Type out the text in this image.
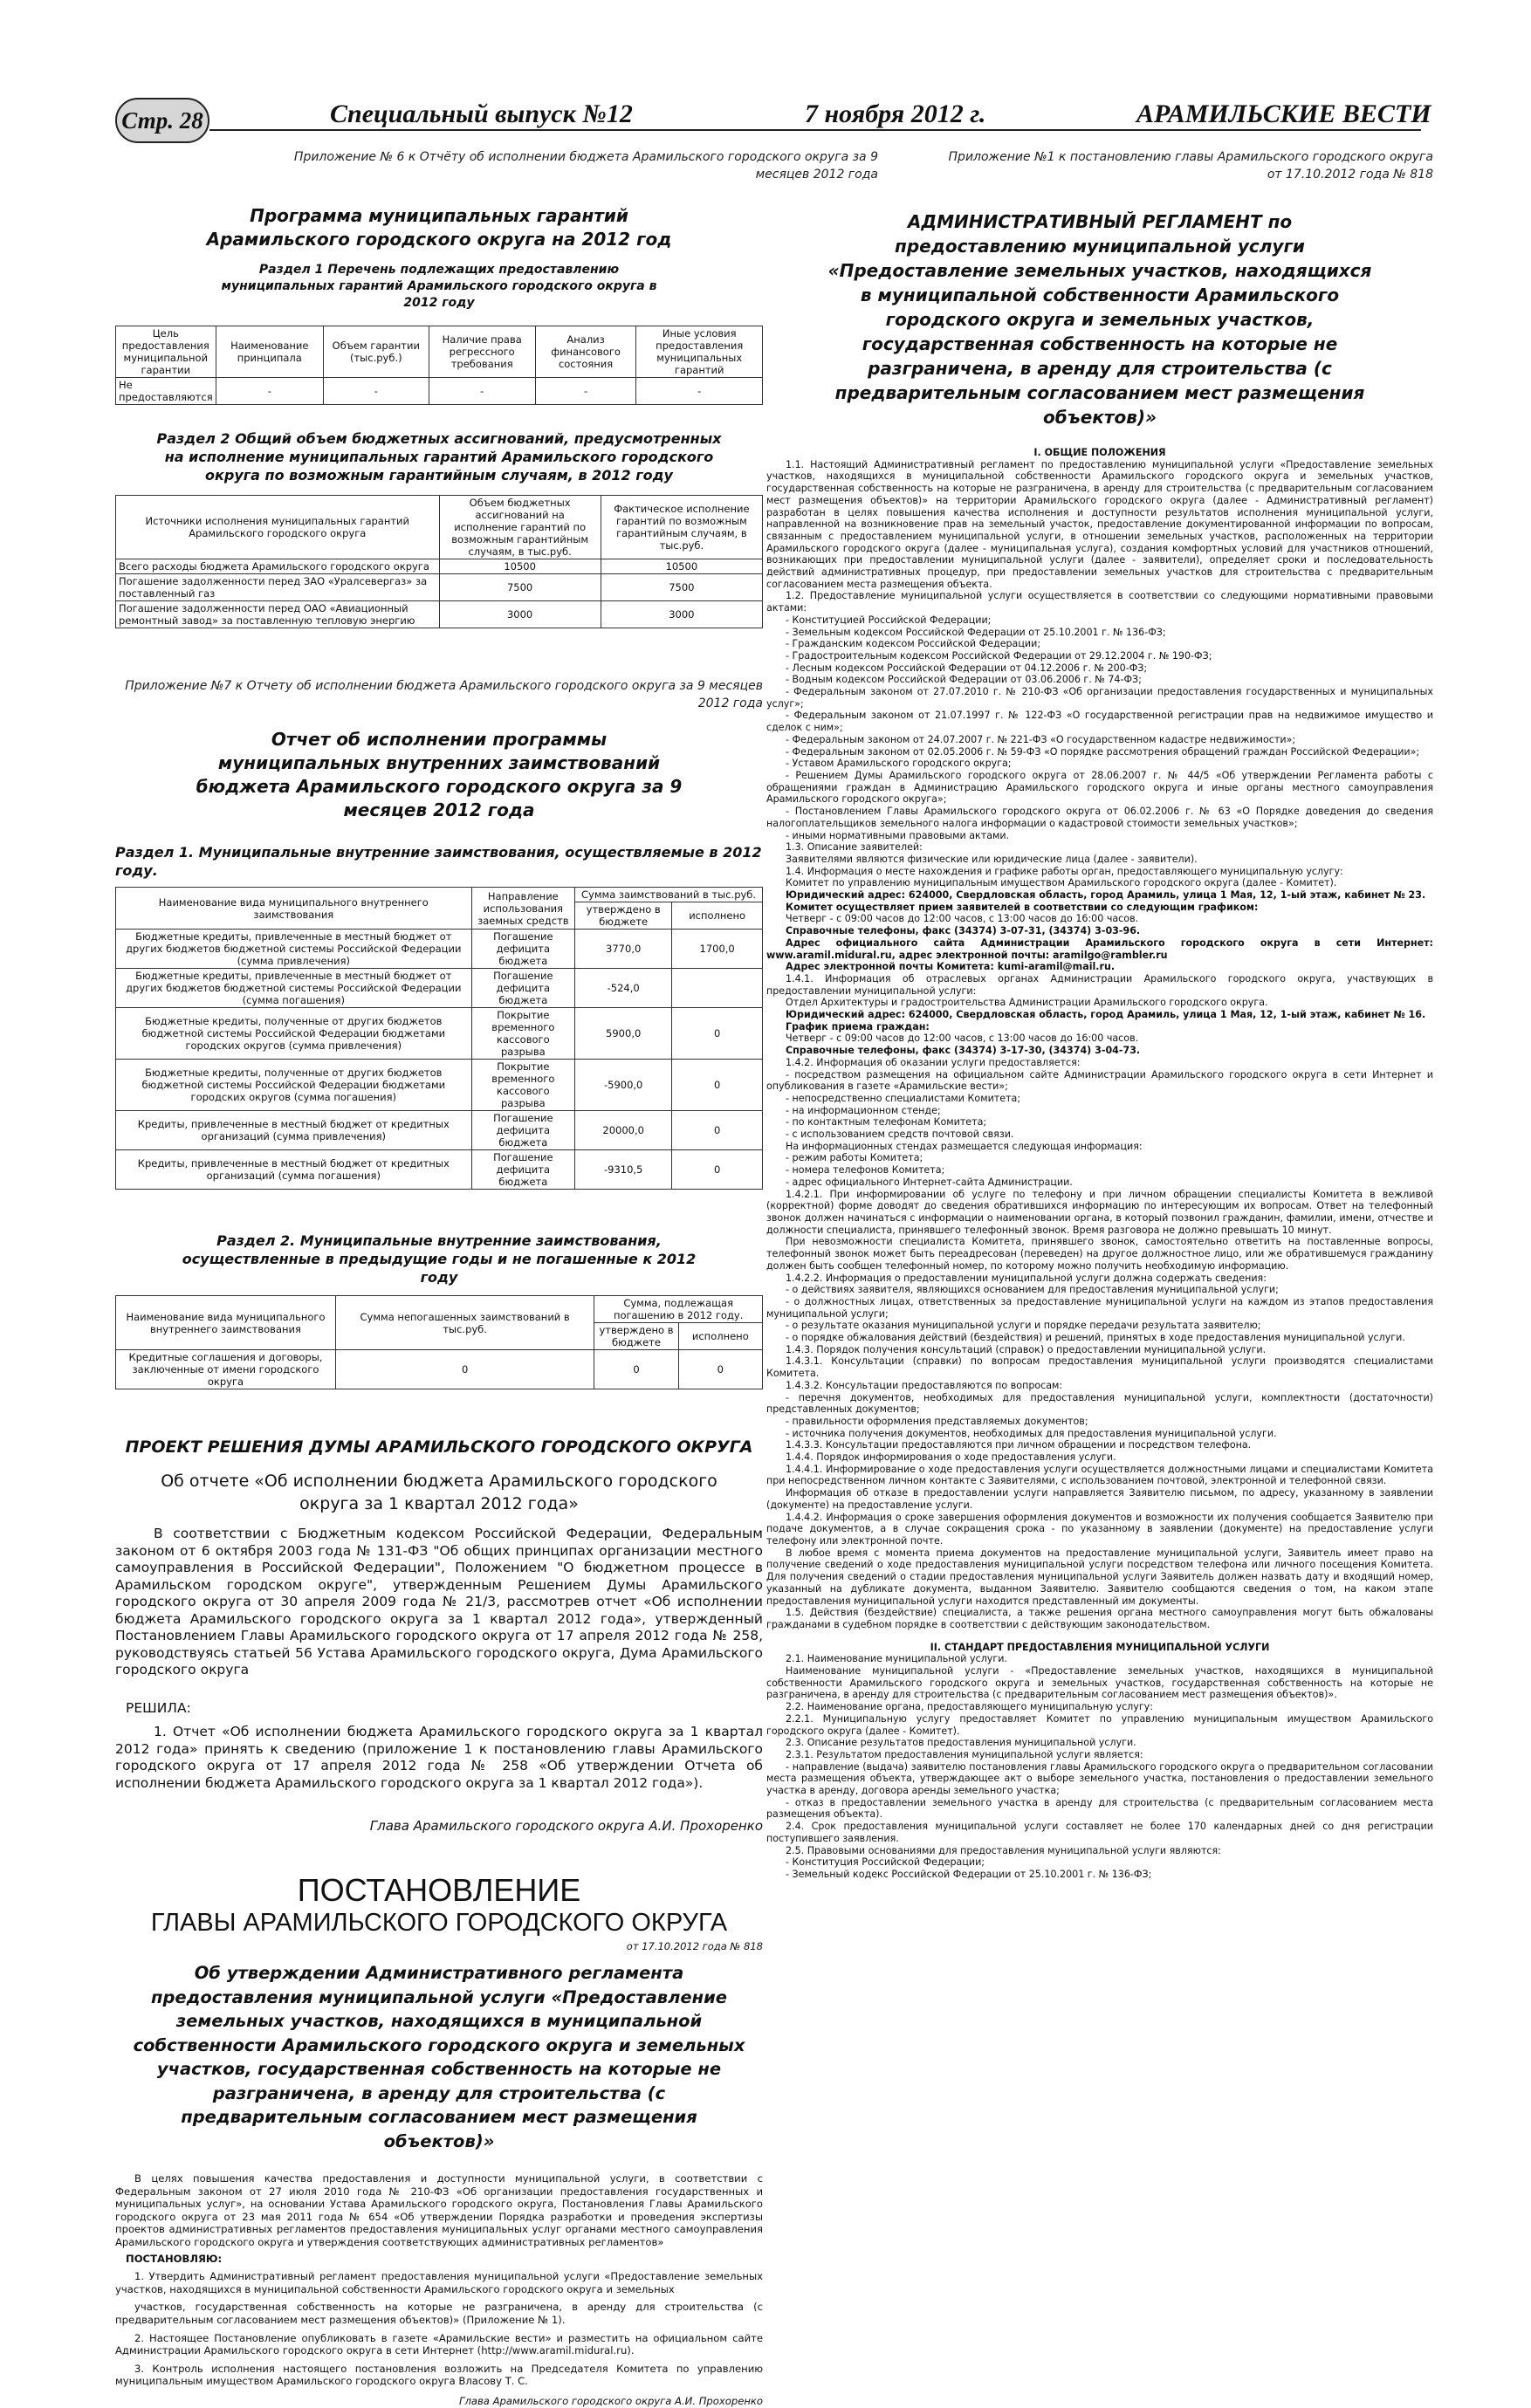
Стр. 28	Специальный выпуск №12	7 ноября 2012 г.	АРАМИЛЬСКИЕ ВЕСТИ
Приложение № 6 к Отчёту об исполнении бюджета Арамильского городского округа за 9 месяцев 2012 года
Программа муниципальных гарантий Арамильского городского округа на 2012 год
Раздел 1 Перечень подлежащих предоставлению муниципальных гарантий Арамильского городского округа в 2012 году
Цель предоставления муниципальной гарантии	Наименование принципала	Объем гарантии (тыс.руб.)	Наличие права регрессного требования	Анализ финансового состояния	Иные условия предоставления муниципальных гарантий
Не предоставляются	-	-	-	-	-
Раздел 2 Общий объем бюджетных ассигнований, предусмотренных на исполнение муниципальных гарантий Арамильского городского округа по возможным гарантийным случаям, в 2012 году
Источники исполнения муниципальных гарантий Арамильского городского округа	Объем бюджетных ассигнований на исполнение гарантий по возможным гарантийным случаям, в тыс.руб.	Фактическое исполнение гарантий по возможным гарантийным случаям, в тыс.руб.
Всего расходы бюджета Арамильского городского округа	10500	10500
Погашение задолженности перед ЗАО «Уралсевергаз» за поставленный газ	7500	7500
Погашение задолженности перед ОАО «Авиационный ремонтный завод» за поставленную тепловую энергию	3000	3000
Приложение №7 к Отчету об исполнении бюджета Арамильского городского округа за 9 месяцев 2012 года
Отчет об исполнении программы муниципальных внутренних заимствований бюджета Арамильского городского округа за 9 месяцев 2012 года
Раздел 1. Муниципальные внутренние заимствования, осуществляемые в 2012 году.
Наименование вида муниципального внутреннего заимствования	Направление использования заемных средств	Сумма заимствований в тыс.руб.	
		утверждено в бюджете	исполнено
Бюджетные кредиты, привлеченные в местный бюджет от других бюджетов бюджетной системы Российской Федерации (сумма привлечения)	Погашение дефицита бюджета	3770,0	1700,0
Бюджетные кредиты, привлеченные в местный бюджет от других бюджетов бюджетной системы Российской Федерации (сумма погашения)	Погашение дефицита бюджета	-524,0	
Бюджетные кредиты, полученные от других бюджетов бюджетной системы Российской Федерации бюджетами городских округов (сумма привлечения)	Покрытие временного кассового разрыва	5900,0	0
Бюджетные кредиты, полученные от других бюджетов бюджетной системы Российской Федерации бюджетами городских округов (сумма погашения)	Покрытие временного кассового разрыва	-5900,0	0
Кредиты, привлеченные в местный бюджет от кредитных организаций (сумма привлечения)	Погашение дефицита бюджета	20000,0	0
Кредиты, привлеченные в местный бюджет от кредитных организаций (сумма погашения)	Погашение дефицита бюджета	-9310,5	0
Раздел 2. Муниципальные внутренние заимствования, осуществленные в предыдущие годы и не погашенные к 2012 году
Наименование вида муниципального внутреннего заимствования	Сумма непогашенных заимствований в тыс.руб.	Сумма, подлежащая погашению в 2012 году.	
		утверждено в бюджете	исполнено
Кредитные соглашения и договоры, заключенные от имени городского округа	0	0	0
ПРОЕКТ РЕШЕНИЯ ДУМЫ АРАМИЛЬСКОГО ГОРОДСКОГО ОКРУГА
Об отчете «Об исполнении бюджета Арамильского городского округа за 1 квартал 2012 года»
В соответствии с Бюджетным кодексом Российской Федерации, Федеральным законом от 6 октября 2003 года № 131-ФЗ "Об общих принципах организации местного самоуправления в Российской Федерации", Положением "О бюджетном процессе в Арамильском городском округе", утвержденным Решением Думы Арамильского городского округа от 30 апреля 2009 года № 21/3, рассмотрев отчет «Об исполнении бюджета Арамильского городского округа за 1 квартал 2012 года», утвержденный Постановлением Главы Арамильского городского округа от 17 апреля 2012 года № 258, руководствуясь статьей 56 Устава Арамильского городского округа, Дума Арамильского городского округа
РЕШИЛА:
1. Отчет «Об исполнении бюджета Арамильского городского округа за 1 квартал 2012 года» принять к сведению (приложение 1 к постановлению главы Арамильского городского округа от 17 апреля 2012 года № 258 «Об утверждении Отчета об исполнении бюджета Арамильского городского округа за 1 квартал 2012 года»).
Глава Арамильского городского округа А.И. Прохоренко
ПОСТАНОВЛЕНИЕ
ГЛАВЫ АРАМИЛЬСКОГО ГОРОДСКОГО ОКРУГА
от 17.10.2012 года № 818
Об утверждении Административного регламента предоставления муниципальной услуги «Предоставление земельных участков, находящихся в муниципальной собственности Арамильского городского округа и земельных участков, государственная собственность на которые не разграничена, в аренду для строительства (с предварительным согласованием мест размещения объектов)»

В целях повышения качества предоставления и доступности муниципальной услуги, в соответствии с Федеральным законом от 27 июля 2010 года № 210-ФЗ «Об организации предоставления государственных и муниципальных услуг», на основании Устава Арамильского городского округа, Постановления Главы Арамильского городского округа от 23 мая 2011 года № 654 «Об утверждении Порядка разработки и проведения экспертизы проектов административных регламентов предоставления муниципальных услуг органами местного самоуправления Арамильского городского округа и утверждения соответствующих административных регламентов»

ПОСТАНОВЛЯЮ:

1. Утвердить Административный регламент предоставления муниципальной услуги «Предоставление земельных участков, находящихся в муниципальной собственности Арамильского городского округа и земельных

участков, государственная собственность на которые не разграничена, в аренду для строительства (с предварительным согласованием мест размещения объектов)» (Приложение № 1).

2. Настоящее Постановление опубликовать в газете «Арамильские вести» и разместить на официальном сайте Администрации Арамильского городского округа в сети Интернет (http://www.aramil.midural.ru).

3. Контроль исполнения настоящего постановления возложить на Председателя Комитета по управлению муниципальным имуществом Арамильского городского округа Власову Т. С.

Глава Арамильского городского округа А.И. Прохоренко

Приложение №1 к постановлению главы Арамильского городского округа от 17.10.2012 года № 818
АДМИНИСТРАТИВНЫЙ РЕГЛАМЕНТ по предоставлению муниципальной услуги «Предоставление земельных участков, находящихся в муниципальной собственности Арамильского городского округа и земельных участков, государственная собственность на которые не разграничена, в аренду для строительства (с предварительным согласованием мест размещения объектов)»

I. ОБЩИЕ ПОЛОЖЕНИЯ

1.1. Настоящий Административный регламент по предоставлению муниципальной услуги «Предоставление земельных участков, находящихся в муниципальной собственности Арамильского городского округа и земельных участков, государственная собственность на которые не разграничена, в аренду для строительства (с предварительным согласованием мест размещения объектов)» на территории Арамильского городского округа (далее - Административный регламент) разработан в целях повышения качества исполнения и доступности результатов исполнения муниципальной услуги, направленной на возникновение прав на земельный участок, предоставление документированной информации по вопросам, связанным с предоставлением муниципальной услуги, в отношении земельных участков, расположенных на территории Арамильского городского округа (далее - муниципальная услуга), создания комфортных условий для участников отношений, возникающих при предоставлении муниципальной услуги (далее - заявители), определяет сроки и последовательность действий административных процедур, при предоставлении земельных участков для строительства с предварительным согласованием места размещения объекта.

1.2. Предоставление муниципальной услуги осуществляется в соответствии со следующими нормативными правовыми актами:

- Конституцией Российской Федерации;

- Земельным кодексом Российской Федерации от 25.10.2001 г. № 136-ФЗ;

- Гражданским кодексом Российской Федерации;

- Градостроительным кодексом Российской Федерации от 29.12.2004 г. № 190-ФЗ;

- Лесным кодексом Российской Федерации от 04.12.2006 г. № 200-ФЗ;

- Водным кодексом Российской Федерации от 03.06.2006 г. № 74-ФЗ;

- Федеральным законом от 27.07.2010 г. № 210-ФЗ «Об организации предоставления государственных и муниципальных услуг»;

- Федеральным законом от 21.07.1997 г. № 122-ФЗ «О государственной регистрации прав на недвижимое имущество и сделок с ним»;

- Федеральным законом от 24.07.2007 г. № 221-ФЗ «О государственном кадастре недвижимости»;

- Федеральным законом от 02.05.2006 г. № 59-ФЗ «О порядке рассмотрения обращений граждан Российской Федерации»;

- Уставом Арамильского городского округа;

- Решением Думы Арамильского городского округа от 28.06.2007 г. № 44/5 «Об утверждении Регламента работы с обращениями граждан в Администрацию Арамильского городского округа и иные органы местного самоуправления Арамильского городского округа»;

- Постановлением Главы Арамильского городского округа от 06.02.2006 г. № 63 «О Порядке доведения до сведения налогоплательщиков земельного налога информации о кадастровой стоимости земельных участков»;

- иными нормативными правовыми актами.

1.3. Описание заявителей:

Заявителями являются физические или юридические лица (далее - заявители).

1.4. Информация о месте нахождения и графике работы орган, предоставляющего муниципальную услугу:

Комитет по управлению муниципальным имуществом Арамильского городского округа (далее - Комитет).

Юридический адрес: 624000, Свердловская область, город Арамиль, улица 1 Мая, 12, 1-ый этаж, кабинет № 23.

Комитет осуществляет прием заявителей в соответствии со следующим графиком:

Четверг - с 09:00 часов до 12:00 часов, с 13:00 часов до 16:00 часов.

Справочные телефоны, факс (34374) 3-07-31, (34374) 3-03-96.

Адрес официального сайта Администрации Арамильского городского округа в сети Интернет: www.aramil.midural.ru, адрес электронной почты: aramilgo@rambler.ru

Адрес электронной почты Комитета: kumi-aramil@mail.ru.

1.4.1. Информация об отраслевых органах Администрации Арамильского городского округа, участвующих в предоставлении муниципальной услуги:

Отдел Архитектуры и градостроительства Администрации Арамильского городского округа.

Юридический адрес: 624000, Свердловская область, город Арамиль, улица 1 Мая, 12, 1-ый этаж, кабинет № 16.

График приема граждан:

Четверг - с 09:00 часов до 12:00 часов, с 13:00 часов до 16:00 часов.

Справочные телефоны, факс (34374) 3-17-30, (34374) 3-04-73.

1.4.2. Информация об оказании услуги предоставляется:

- посредством размещения на официальном сайте Администрации Арамильского городского округа в сети Интернет и опубликования в газете «Арамильские вести»;

- непосредственно специалистами Комитета;

- на информационном стенде;

- по контактным телефонам Комитета;

- с использованием средств почтовой связи.

На информационных стендах размещается следующая информация:

- режим работы Комитета;

- номера телефонов Комитета;

- адрес официального Интернет-сайта Администрации.

1.4.2.1. При информировании об услуге по телефону и при личном обращении специалисты Комитета в вежливой (корректной) форме доводят до сведения обратившихся информацию по интересующим их вопросам. Ответ на телефонный звонок должен начинаться с информации о наименовании органа, в который позвонил гражданин, фамилии, имени, отчестве и должности специалиста, принявшего телефонный звонок. Время разговора не должно превышать 10 минут.

При невозможности специалиста Комитета, принявшего звонок, самостоятельно ответить на поставленные вопросы, телефонный звонок может быть переадресован (переведен) на другое должностное лицо, или же обратившемуся гражданину должен быть сообщен телефонный номер, по которому можно получить необходимую информацию.

1.4.2.2. Информация о предоставлении муниципальной услуги должна содержать сведения:

- о действиях заявителя, являющихся основанием для предоставления муниципальной услуги;

- о должностных лицах, ответственных за предоставление муниципальной услуги на каждом из этапов предоставления муниципальной услуги;

- о результате оказания муниципальной услуги и порядке передачи результата заявителю;

- о порядке обжалования действий (бездействия) и решений, принятых в ходе предоставления муниципальной услуги.

1.4.3. Порядок получения консультаций (справок) о предоставлении муниципальной услуги.

1.4.3.1. Консультации (справки) по вопросам предоставления муниципальной услуги производятся специалистами Комитета.

1.4.3.2. Консультации предоставляются по вопросам:

- перечня документов, необходимых для предоставления муниципальной услуги, комплектности (достаточности) представленных документов;

- правильности оформления представляемых документов;

- источника получения документов, необходимых для предоставления муниципальной услуги.

1.4.3.3. Консультации предоставляются при личном обращении и посредством телефона.

1.4.4. Порядок информирования о ходе предоставления услуги.

1.4.4.1. Информирование о ходе предоставления услуги осуществляется должностными лицами и специалистами Комитета при непосредственном личном контакте с Заявителями, с использованием почтовой, электронной и телефонной связи.

Информация об отказе в предоставлении услуги направляется Заявителю письмом, по адресу, указанному в заявлении (документе) на предоставление услуги.

1.4.4.2. Информация о сроке завершения оформления документов и возможности их получения сообщается Заявителю при подаче документов, а в случае сокращения срока - по указанному в заявлении (документе) на предоставление услуги телефону или электронной почте.

В любое время с момента приема документов на предоставление муниципальной услуги, Заявитель имеет право на получение сведений о ходе предоставления муниципальной услуги посредством телефона или личного посещения Комитета. Для получения сведений о стадии предоставления муниципальной услуги Заявитель должен назвать дату и входящий номер, указанный на дубликате документа, выданном Заявителю. Заявителю сообщаются сведения о том, на каком этапе предоставления муниципальной услуги находится представленный им документы.

1.5. Действия (бездействие) специалиста, а также решения органа местного самоуправления могут быть обжалованы гражданами в судебном порядке в соответствии с действующим законодательством.

II. СТАНДАРТ ПРЕДОСТАВЛЕНИЯ МУНИЦИПАЛЬНОЙ УСЛУГИ

2.1. Наименование муниципальной услуги.

Наименование муниципальной услуги - «Предоставление земельных участков, находящихся в муниципальной собственности Арамильского городского округа и земельных участков, государственная собственность на которые не разграничена, в аренду для строительства (с предварительным согласованием мест размещения объектов)».

2.2. Наименование органа, предоставляющего муниципальную услугу:

2.2.1. Муниципальную услугу предоставляет Комитет по управлению муниципальным имуществом Арамильского городского округа (далее - Комитет).

2.3. Описание результатов предоставления муниципальной услуги.

2.3.1. Результатом предоставления муниципальной услуги является:

- направление (выдача) заявителю постановления главы Арамильского городского округа о предварительном согласовании места размещения объекта, утверждающее акт о выборе земельного участка, постановления о предоставлении земельного участка в аренду, договора аренды земельного участка;

- отказ в предоставлении земельного участка в аренду для строительства (с предварительным согласованием места размещения объекта).

2.4. Срок предоставления муниципальной услуги составляет не более 170 календарных дней со дня регистрации поступившего заявления.

2.5. Правовыми основаниями для предоставления муниципальной услуги являются:

- Конституция Российской Федерации;

- Земельный кодекс Российской Федерации от 25.10.2001 г. № 136-ФЗ;
